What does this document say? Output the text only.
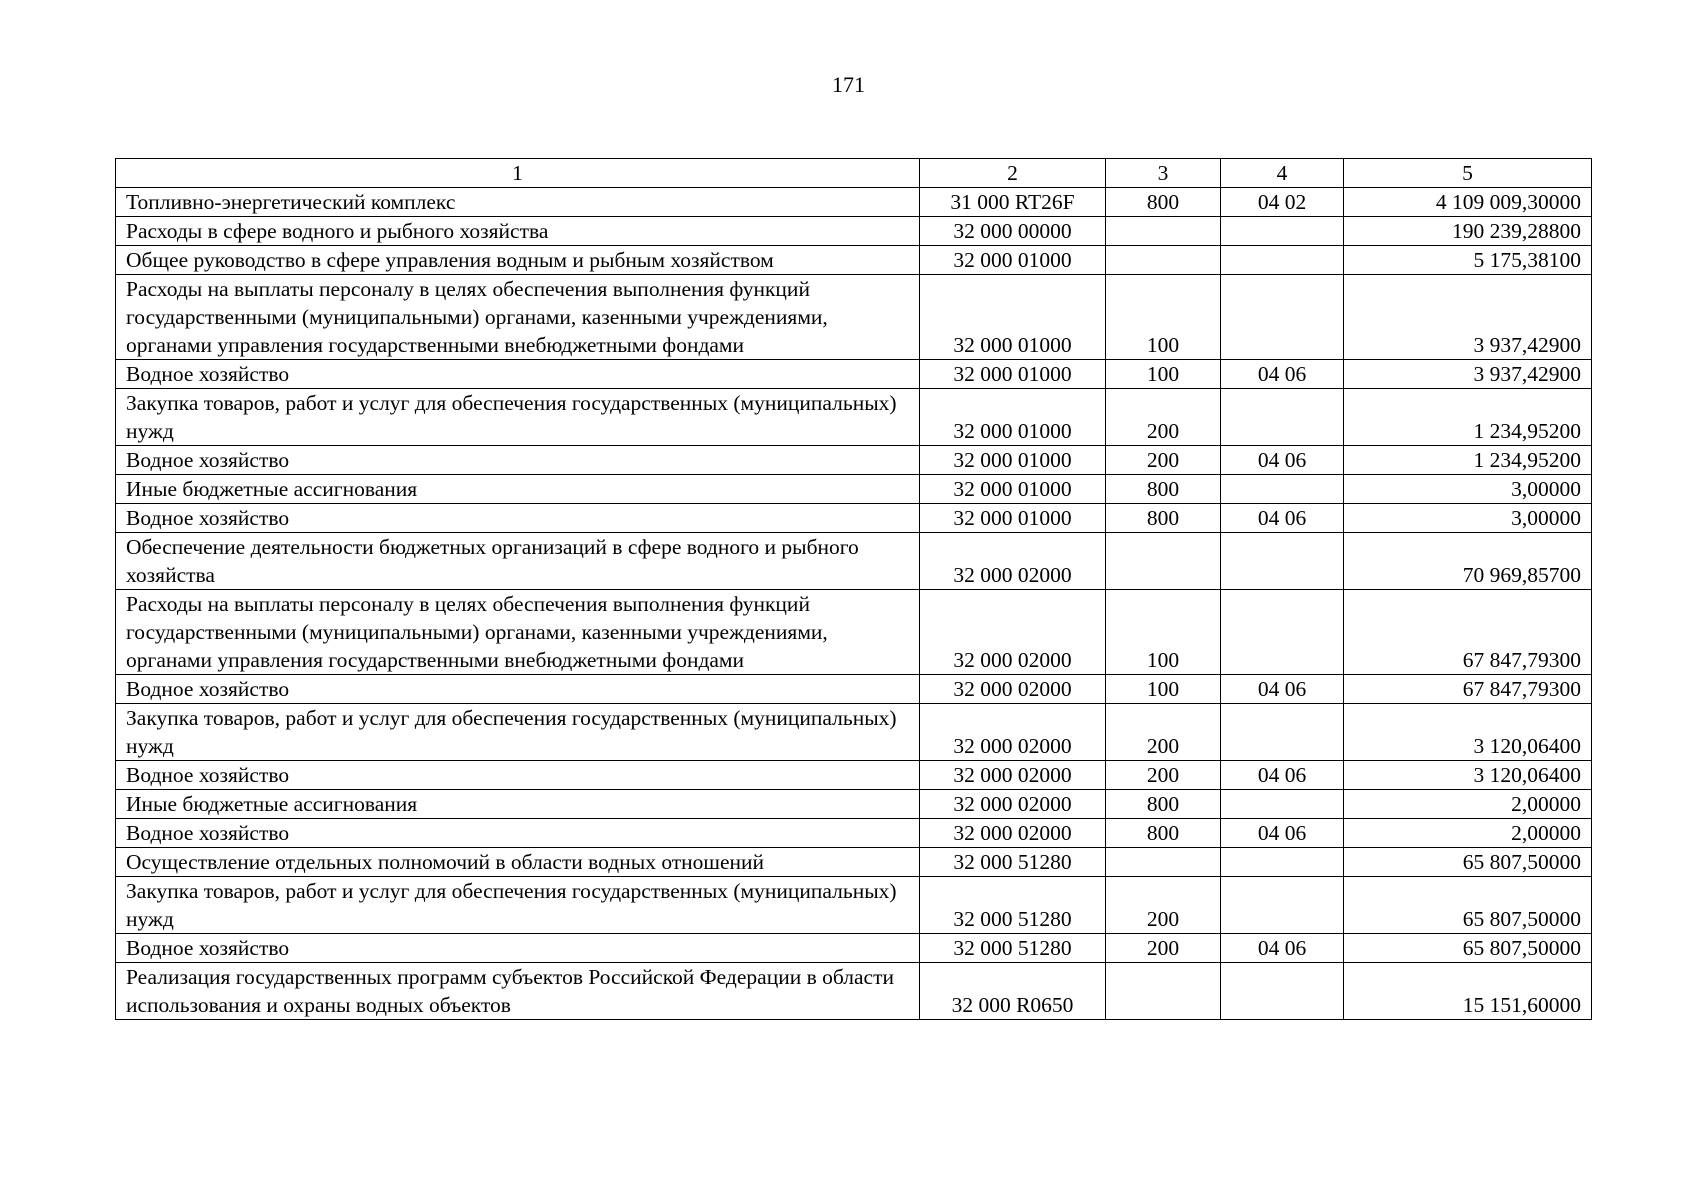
171
1	2	3	4	5
Топливно-энергетический комплекс	31 000 RT26F	800	04 02	4 109 009,30000
Расходы в сфере водного и рыбного хозяйства	32 000 00000			190 239,28800
Общее руководство в сфере управления водным и рыбным хозяйством	32 000 01000			5 175,38100
Расходы на выплаты персоналу в целях обеспечения выполнения функций государственными (муниципальными) органами, казенными учреждениями, органами управления государственными внебюджетными фондами	32 000 01000	100		3 937,42900
Водное хозяйство	32 000 01000	100	04 06	3 937,42900
Закупка товаров, работ и услуг для обеспечения государственных (муниципальных) нужд	32 000 01000	200		1 234,95200
Водное хозяйство	32 000 01000	200	04 06	1 234,95200
Иные бюджетные ассигнования	32 000 01000	800		3,00000
Водное хозяйство	32 000 01000	800	04 06	3,00000
Обеспечение деятельности бюджетных организаций в сфере водного и рыбного хозяйства	32 000 02000			70 969,85700
Расходы на выплаты персоналу в целях обеспечения выполнения функций государственными (муниципальными) органами, казенными учреждениями, органами управления государственными внебюджетными фондами	32 000 02000	100		67 847,79300
Водное хозяйство	32 000 02000	100	04 06	67 847,79300
Закупка товаров, работ и услуг для обеспечения государственных (муниципальных) нужд	32 000 02000	200		3 120,06400
Водное хозяйство	32 000 02000	200	04 06	3 120,06400
Иные бюджетные ассигнования	32 000 02000	800		2,00000
Водное хозяйство	32 000 02000	800	04 06	2,00000
Осуществление отдельных полномочий в области водных отношений	32 000 51280			65 807,50000
Закупка товаров, работ и услуг для обеспечения государственных (муниципальных) нужд	32 000 51280	200		65 807,50000
Водное хозяйство	32 000 51280	200	04 06	65 807,50000
Реализация государственных программ субъектов Российской Федерации в области использования и охраны водных объектов	32 000 R0650			15 151,60000
